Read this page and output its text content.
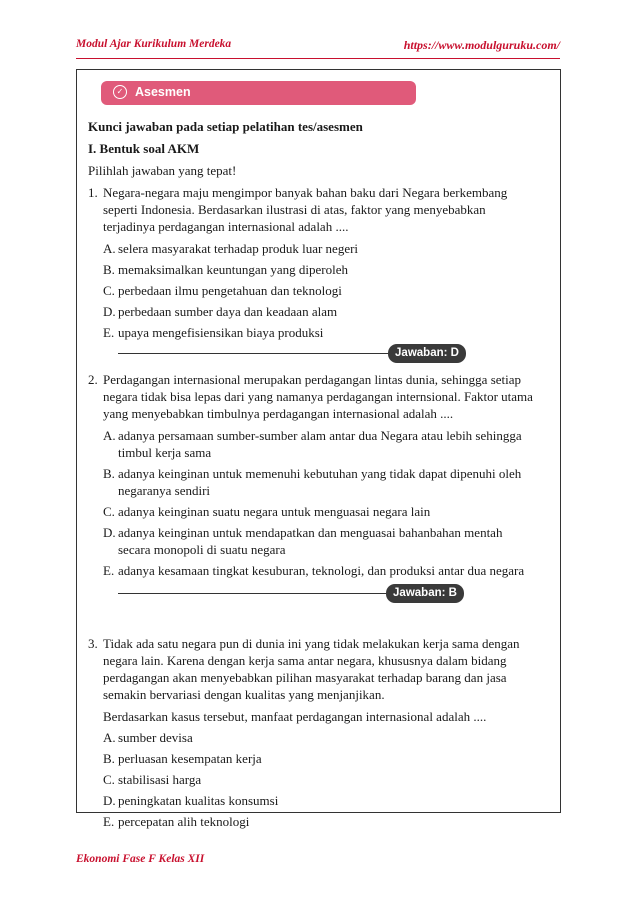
Modul Ajar Kurikulum Merdeka	https://www.modulguruku.com/
✓ Asesmen

Kunci jawaban pada setiap pelatihan tes/asesmen

I. Bentuk soal AKM

Pilihlah jawaban yang tepat!

1. Negara-negara maju mengimpor banyak bahan baku dari Negara berkembang
seperti Indonesia. Berdasarkan ilustrasi di atas, faktor yang menyebabkan
terjadinya perdagangan internasional adalah ....
A. selera masyarakat terhadap produk luar negeri
B. memaksimalkan keuntungan yang diperoleh
C. perbedaan ilmu pengetahuan dan teknologi
D. perbedaan sumber daya dan keadaan alam
E. upaya mengefisiensikan biaya produksi
Jawaban: D
2. Perdagangan internasional merupakan perdagangan lintas dunia, sehingga setiap
negara tidak bisa lepas dari yang namanya perdagangan internsional. Faktor utama
yang menyebabkan timbulnya perdagangan internasional adalah ....
A. adanya persamaan sumber-sumber alam antar dua Negara atau lebih sehingga
timbul kerja sama
B. adanya keinginan untuk memenuhi kebutuhan yang tidak dapat dipenuhi oleh
negaranya sendiri
C. adanya keinginan suatu negara untuk menguasai negara lain
D. adanya keinginan untuk mendapatkan dan menguasai bahanbahan mentah
secara monopoli di suatu negara
E. adanya kesamaan tingkat kesuburan, teknologi, dan produksi antar dua negara
Jawaban: B
3. Tidak ada satu negara pun di dunia ini yang tidak melakukan kerja sama dengan
negara lain. Karena dengan kerja sama antar negara, khususnya dalam bidang
perdagangan akan menyebabkan pilihan masyarakat terhadap barang dan jasa
semakin bervariasi dengan kualitas yang menjanjikan.
Berdasarkan kasus tersebut, manfaat perdagangan internasional adalah ....
A. sumber devisa
B. perluasan kesempatan kerja
C. stabilisasi harga
D. peningkatan kualitas konsumsi
E. percepatan alih teknologi
Ekonomi Fase F Kelas XII
